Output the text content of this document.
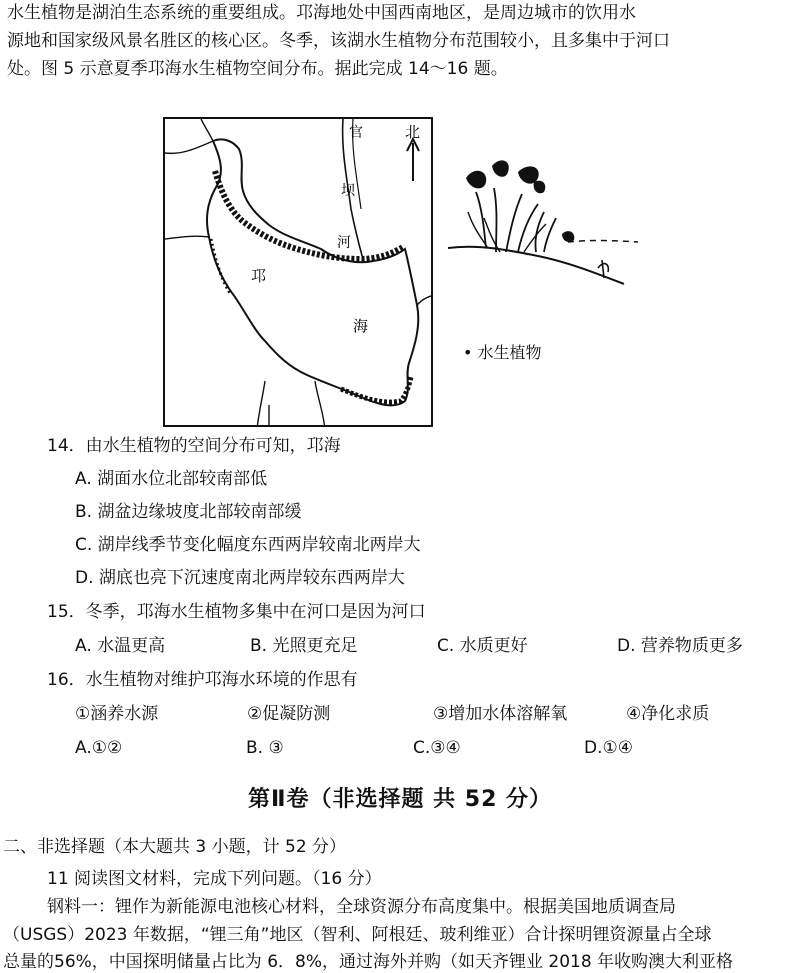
水生植物是湖泊生态系统的重要组成。邛海地处中国西南地区，是周边城市的饮用水
源地和国家级风景名胜区的核心区。冬季，该湖水生植物分布范围较小，且多集中于河口
处。图 5 示意夏季邛海水生植物空间分布。据此完成 14～16 题。
北
官
坝
河
邛
海
• 水生植物
14．由水生植物的空间分布可知，邛海
A. 湖面水位北部较南部低
B. 湖盆边缘坡度北部较南部缓
C. 湖岸线季节变化幅度东西两岸较南北两岸大
D. 湖底也亮下沉速度南北两岸较东西两岸大
15．冬季，邛海水生植物多集中在河口是因为河口
A. 水温更高	B. 光照更充足	C. 水质更好	D. 营养物质更多
16．水生植物对维护邛海水环境的作思有
①涵养水源	②促凝防测	③增加水体溶解氧	④净化求质
A.①②	B. ③	C.③④	D.①④
第Ⅱ卷（非选择题 共 52 分）
二、非选择题（本大题共 3 小题，计 52 分）
11 阅读图文材料，完成下列问题。（16 分）
钢料一：锂作为新能源电池核心材料，全球资源分布高度集中。根据美国地质调查局
（USGS）2023 年数据，“锂三角”地区（智利、阿根廷、玻利维亚）合计探明锂资源量占全球
总量的56%，中国探明储量占比为 6．8%，通过海外并购（如天齐锂业 2018 年收购澳大利亚格
